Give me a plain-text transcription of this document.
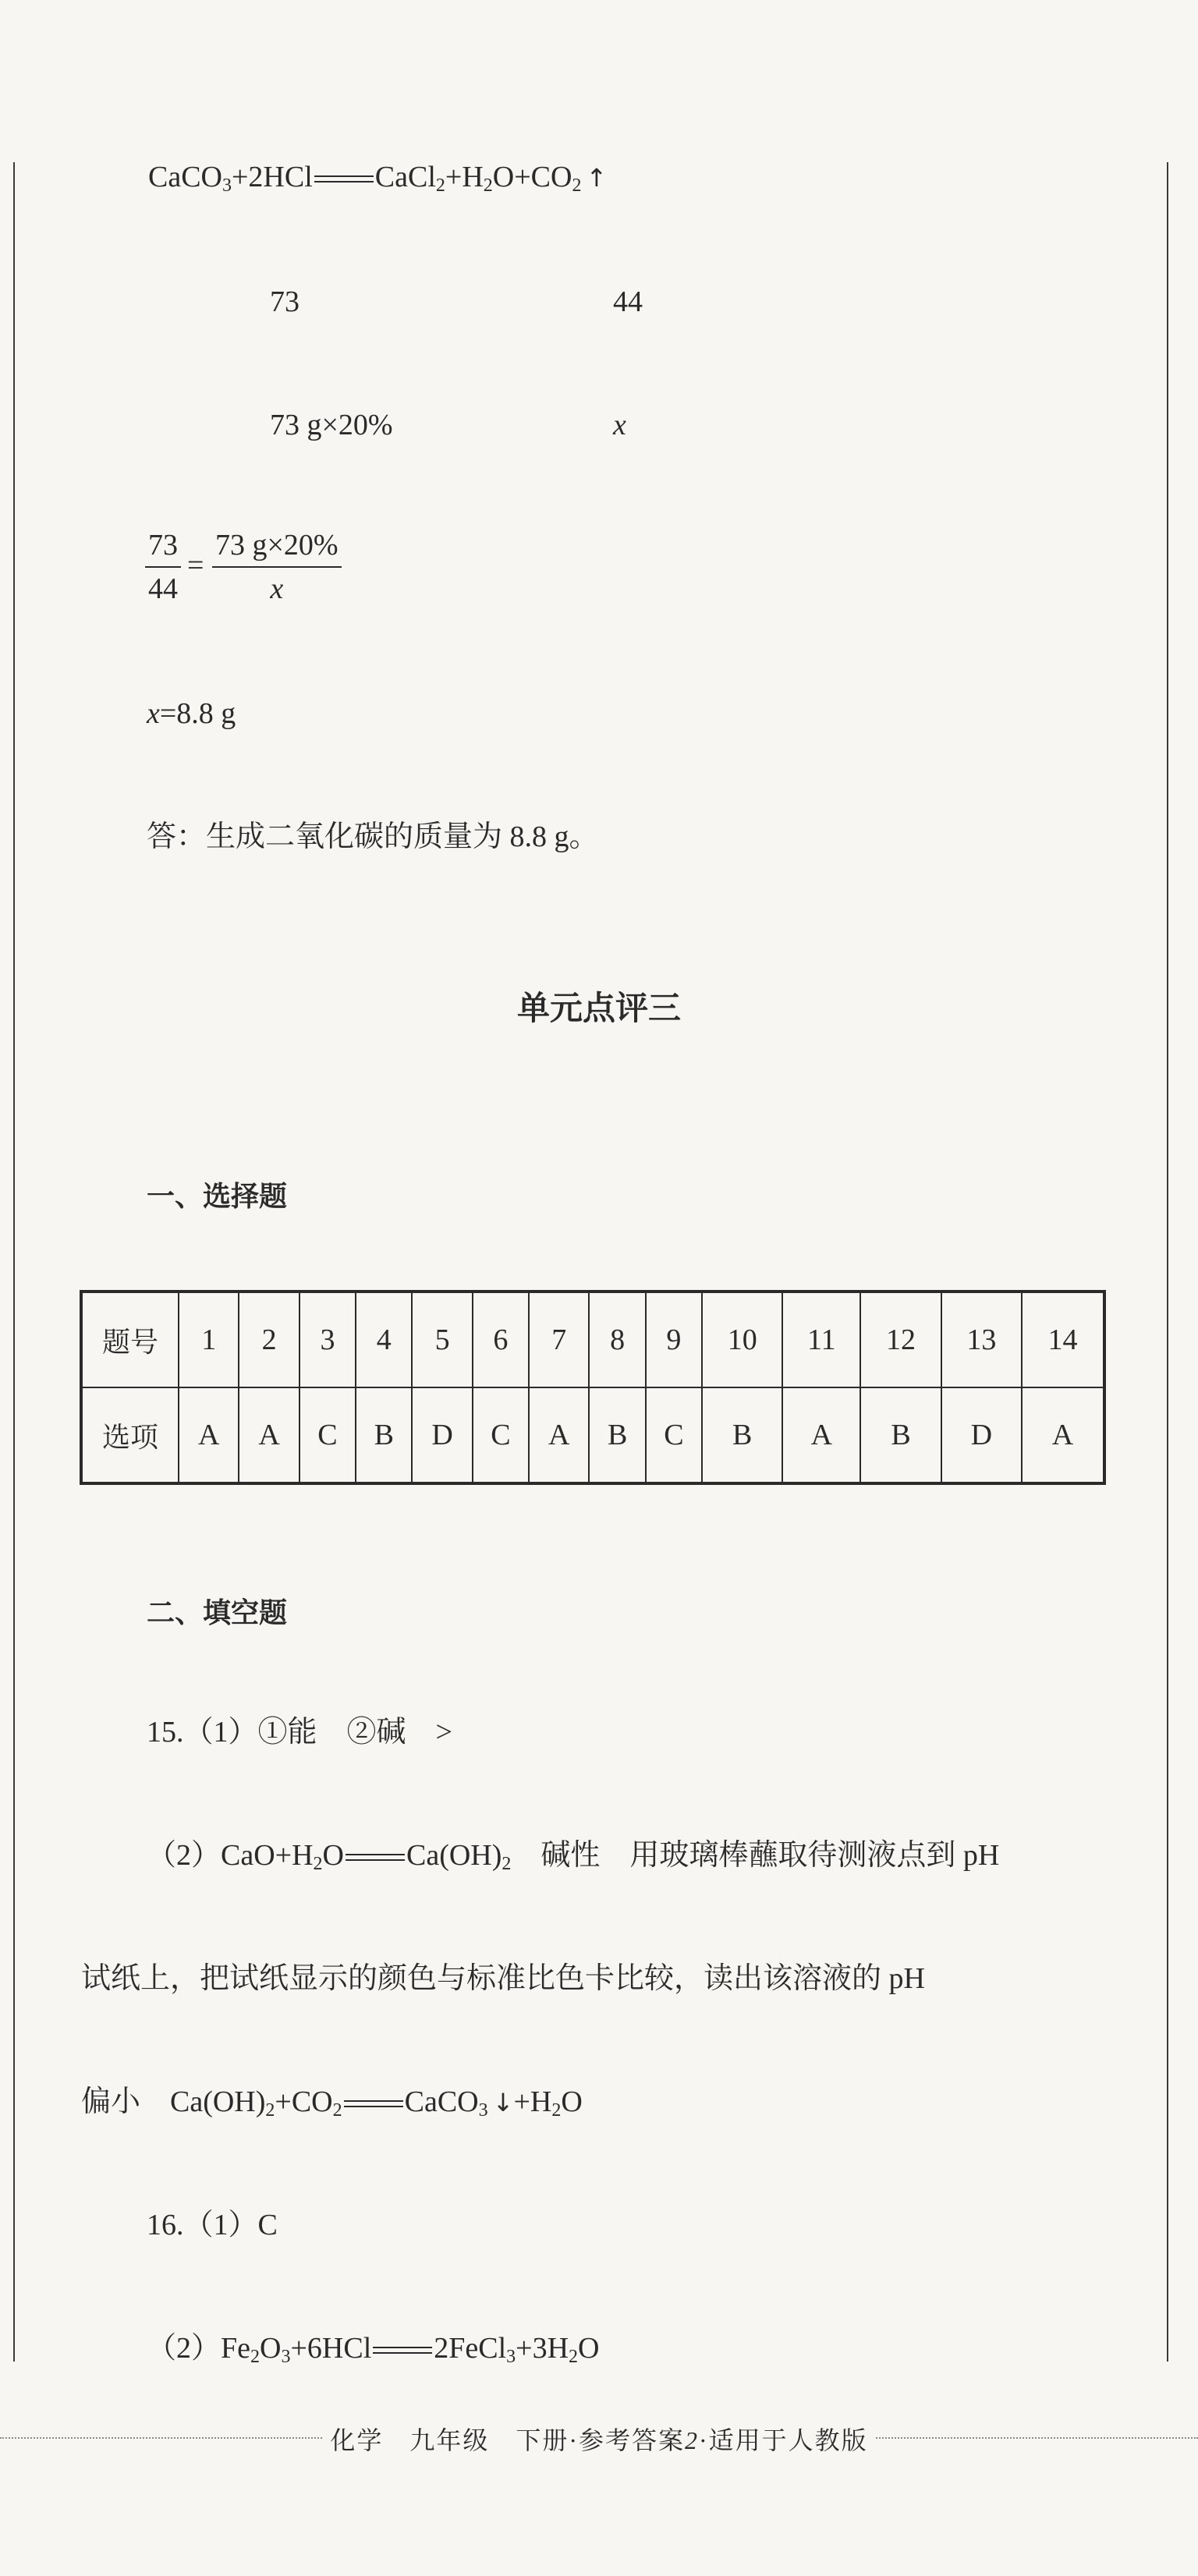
CaCO$_3$+2HCl $CaCl_2+H_2O+CO_2$ ↑
73	44
73 g×20%	x
$\frac{73}{44} = \frac{73 g\times 20\%}{x}$
x=8.8 g
答：生成二氧化碳的质量为 8.8 g。
单元点评三
一、选择题
题号	1	2	3	4	5	6	7	8	9	10	11	12	13	14
选项	A	A	C	B	D	C	A	B	C	B	A	B	D	A
二、填空题
15.（1）①能　②碱　>
$(2)CaO+H_2O$ $Ca(OH)_2$　碱性　用玻璃棒蘸取待测液点到 pH
试纸上，把试纸显示的颜色与标准比色卡比较，读出该溶液的 pH
偏小　$Ca(OH)_2+CO_2$ CaCO$_3$ $↓+H_2O$
16.（1）C
$(2)Fe_2O_3+6HCl$ $2FeCl_3+3H_2O$
化学　九年级　下册·参考答案2·适用于人教版
